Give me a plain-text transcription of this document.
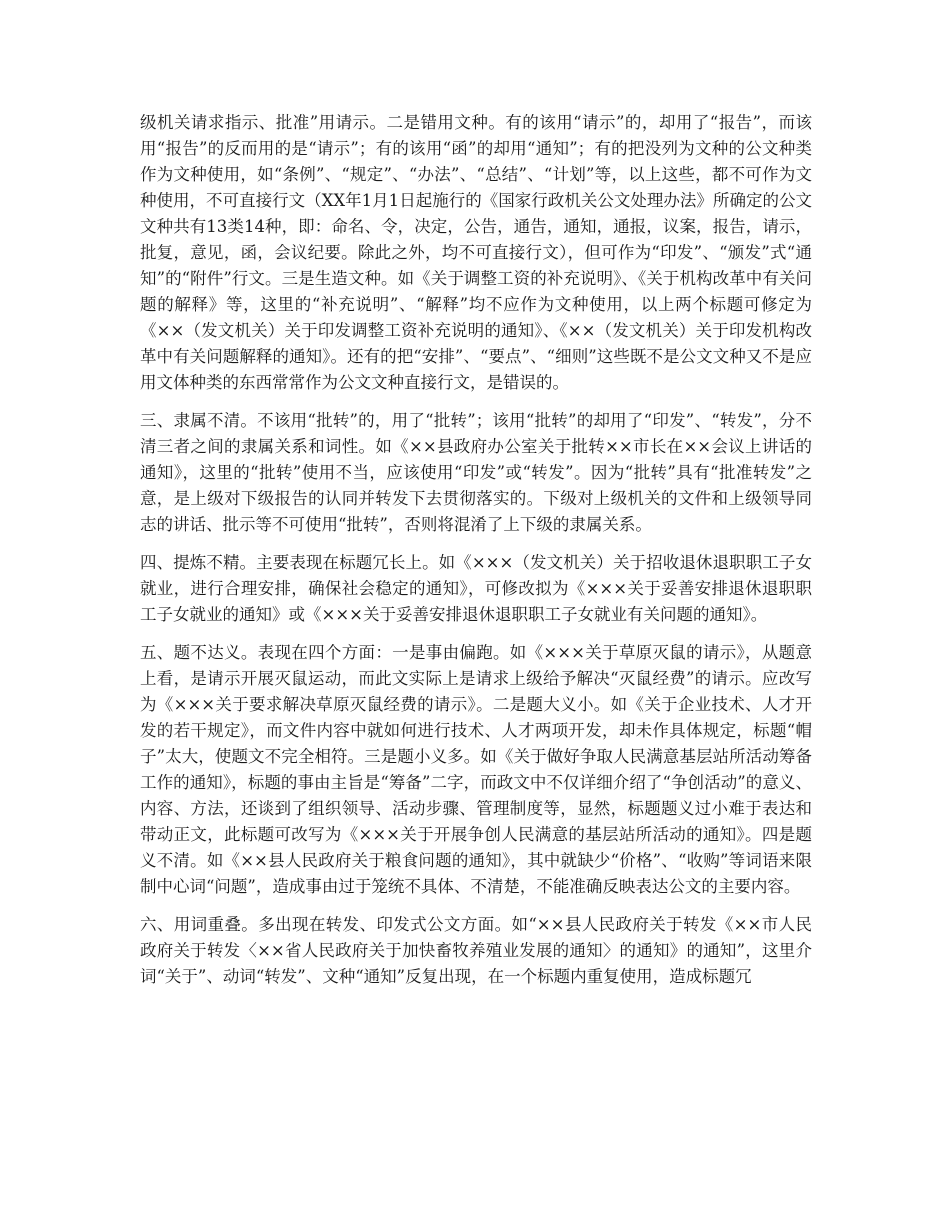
级机关请求指示、批准”用请示。二是错用文种。有的该用“请示”的，却用了“报告”，而该用“报告”的反而用的是“请示”；有的该用“函”的却用“通知”；有的把没列为文种的公文种类作为文种使用，如“条例”、“规定”、“办法”、“总结”、“计划”等，以上这些，都不可作为文种使用，不可直接行文（XX年1月1日起施行的《国家行政机关公文处理办法》所确定的公文文种共有13类14种，即：命名、令，决定，公告，通告，通知，通报，议案，报告，请示，批复，意见，函，会议纪要。除此之外，均不可直接行文），但可作为“印发”、“颁发”式“通知”的“附件”行文。三是生造文种。如《关于调整工资的补充说明》、《关于机构改革中有关问题的解释》等，这里的“补充说明”、“解释”均不应作为文种使用，以上两个标题可修定为《××（发文机关）关于印发调整工资补充说明的通知》、《××（发文机关）关于印发机构改革中有关问题解释的通知》。还有的把“安排”、“要点”、“细则”这些既不是公文文种又不是应用文体种类的东西常常作为公文文种直接行文，是错误的。

三、隶属不清。不该用“批转”的，用了“批转”；该用“批转”的却用了“印发”、“转发”，分不清三者之间的隶属关系和词性。如《××县政府办公室关于批转××市长在××会议上讲话的通知》，这里的“批转”使用不当，应该使用“印发”或“转发”。因为“批转”具有“批准转发”之意，是上级对下级报告的认同并转发下去贯彻落实的。下级对上级机关的文件和上级领导同志的讲话、批示等不可使用“批转”，否则将混淆了上下级的隶属关系。

四、提炼不精。主要表现在标题冗长上。如《×××（发文机关）关于招收退休退职职工子女就业，进行合理安排，确保社会稳定的通知》，可修改拟为《×××关于妥善安排退休退职职工子女就业的通知》或《×××关于妥善安排退休退职职工子女就业有关问题的通知》。

五、题不达义。表现在四个方面：一是事由偏跑。如《×××关于草原灭鼠的请示》，从题意上看，是请示开展灭鼠运动，而此文实际上是请求上级给予解决“灭鼠经费”的请示。应改写为《×××关于要求解决草原灭鼠经费的请示》。二是题大义小。如《关于企业技术、人才开发的若干规定》，而文件内容中就如何进行技术、人才两项开发，却未作具体规定，标题“帽子”太大，使题文不完全相符。三是题小义多。如《关于做好争取人民满意基层站所活动筹备工作的通知》，标题的事由主旨是“筹备”二字，而政文中不仅详细介绍了“争创活动”的意义、内容、方法，还谈到了组织领导、活动步骤、管理制度等，显然，标题题义过小难于表达和带动正文，此标题可改写为《×××关于开展争创人民满意的基层站所活动的通知》。四是题义不清。如《××县人民政府关于粮食问题的通知》，其中就缺少“价格”、“收购”等词语来限制中心词“问题”，造成事由过于笼统不具体、不清楚，不能准确反映表达公文的主要内容。

六、用词重叠。多出现在转发、印发式公文方面。如“××县人民政府关于转发《××市人民政府关于转发〈××省人民政府关于加快畜牧养殖业发展的通知〉的通知》的通知”，这里介词“关于”、动词“转发”、文种“通知”反复出现，在一个标题内重复使用，造成标题冗
